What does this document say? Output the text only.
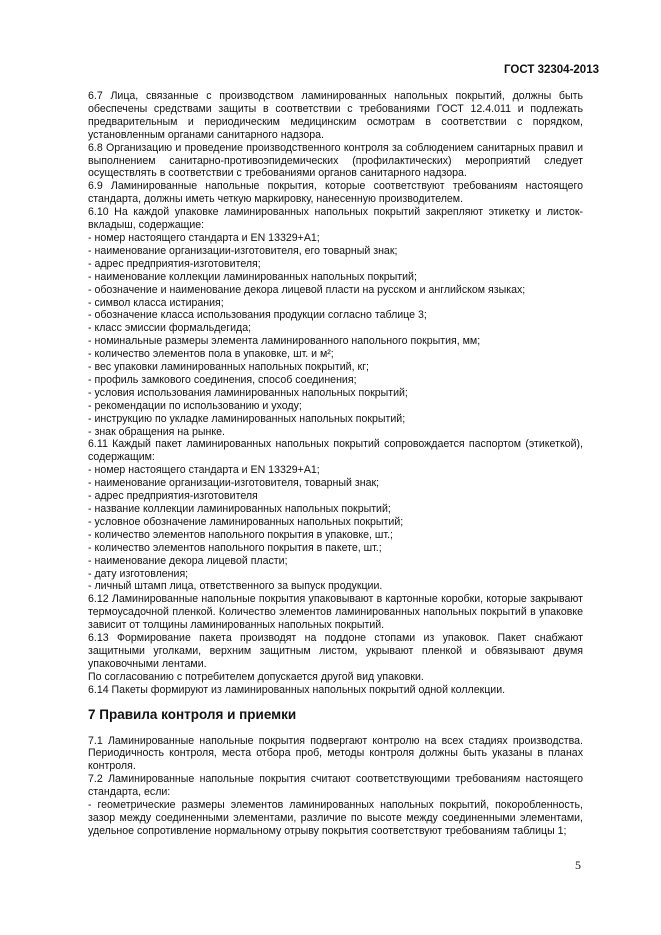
ГОСТ 32304-2013

6.7 Лица, связанные с производством ламинированных напольных покрытий, должны быть обеспечены средствами защиты в соответствии с требованиями ГОСТ 12.4.011 и подлежать предварительным и периодическим медицинским осмотрам в соответствии с порядком, установленным органами санитарного надзора.

6.8 Организацию и проведение производственного контроля за соблюдением санитарных правил и выполнением санитарно-противоэпидемических (профилактических) мероприятий следует осуществлять в соответствии с требованиями органов санитарного надзора.

6.9 Ламинированные напольные покрытия, которые соответствуют требованиям настоящего стандарта, должны иметь четкую маркировку, нанесенную производителем.

6.10 На каждой упаковке ламинированных напольных покрытий закрепляют этикетку и листок-вкладыш, содержащие:

- номер настоящего стандарта и EN 13329+A1;

- наименование организации-изготовителя, его товарный знак;

- адрес предприятия-изготовителя;

- наименование коллекции ламинированных напольных покрытий;

- обозначение и наименование декора лицевой пласти на русском и английском языках;

- символ класса истирания;

- обозначение класса использования продукции согласно таблице 3;

- класс эмиссии формальдегида;

- номинальные размеры элемента ламинированного напольного покрытия, мм;

- количество элементов пола в упаковке, шт. и м²;

- вес упаковки ламинированных напольных покрытий, кг;

- профиль замкового соединения, способ соединения;

- условия использования ламинированных напольных покрытий;

- рекомендации по использованию и уходу;

- инструкцию по укладке ламинированных напольных покрытий;

- знак обращения на рынке.

6.11 Каждый пакет ламинированных напольных покрытий сопровождается паспортом (этикеткой), содержащим:

- номер настоящего стандарта и EN 13329+A1;

- наименование организации-изготовителя, товарный знак;

- адрес предприятия-изготовителя

- название коллекции ламинированных напольных покрытий;

- условное обозначение ламинированных напольных покрытий;

- количество элементов напольного покрытия в упаковке, шт.;

- количество элементов напольного покрытия в пакете, шт.;

- наименование декора лицевой пласти;

- дату изготовления;

- личный штамп лица, ответственного за выпуск продукции.

6.12 Ламинированные напольные покрытия упаковывают в картонные коробки, которые закрывают термоусадочной пленкой. Количество элементов ламинированных напольных покрытий в упаковке зависит от толщины ламинированных напольных покрытий.

6.13 Формирование пакета производят на поддоне стопами из упаковок. Пакет снабжают защитными уголками, верхним защитным листом, укрывают пленкой и обвязывают двумя упаковочными лентами.

По согласованию с потребителем допускается другой вид упаковки.

6.14 Пакеты формируют из ламинированных напольных покрытий одной коллекции.

7 Правила контроля и приемки

7.1 Ламинированные напольные покрытия подвергают контролю на всех стадиях производства. Периодичность контроля, места отбора проб, методы контроля должны быть указаны в планах контроля.

7.2 Ламинированные напольные покрытия считают соответствующими требованиям настоящего стандарта, если:

- геометрические размеры элементов ламинированных напольных покрытий, покоробленность, зазор между соединенными элементами, различие по высоте между соединенными элементами, удельное сопротивление нормальному отрыву покрытия соответствуют требованиям таблицы 1;

5
